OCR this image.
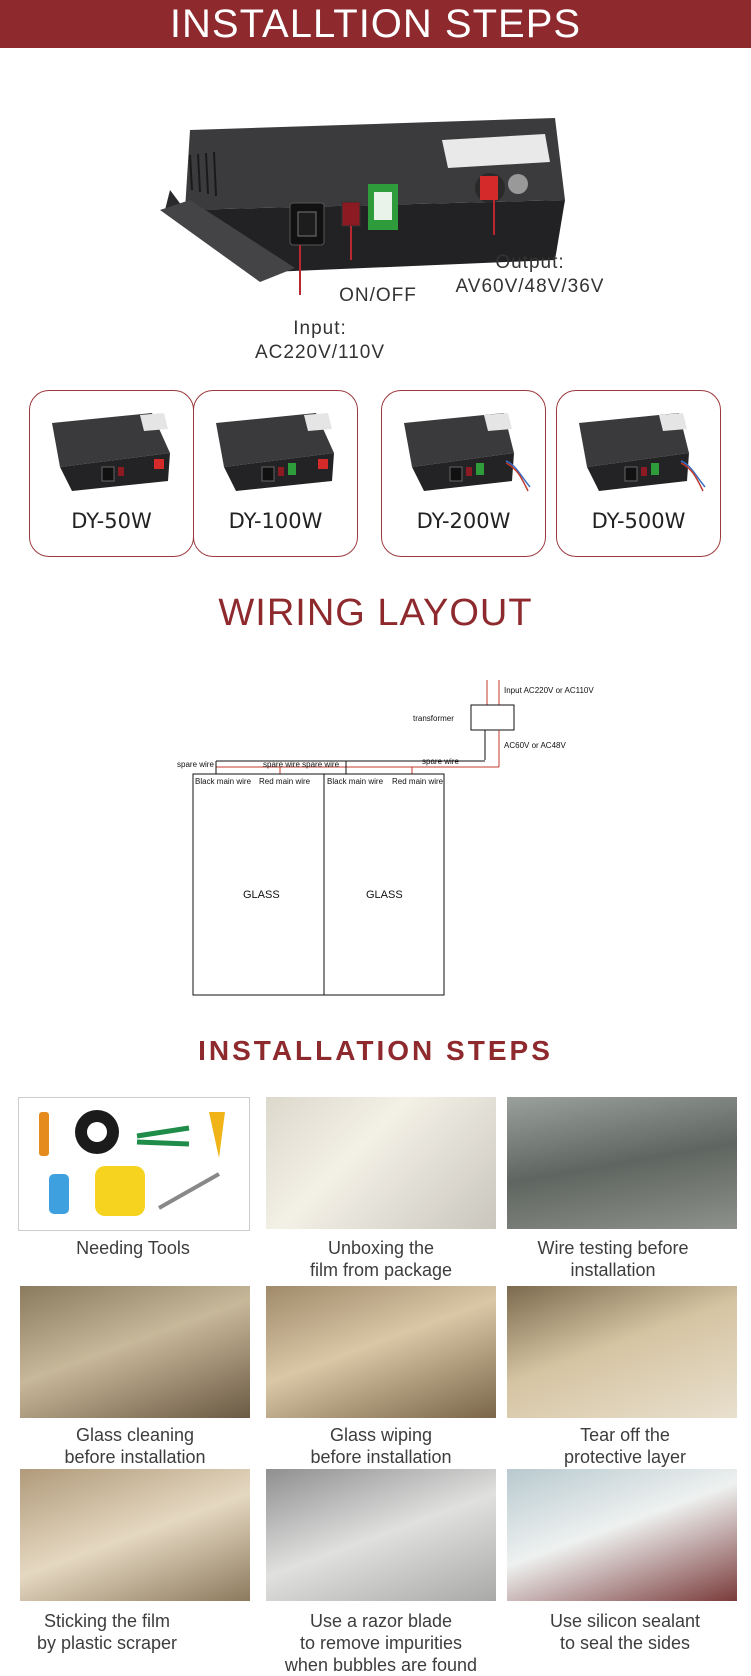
INSTALLTION STEPS
ON/OFF
Output:
AV60V/48V/36V
Input:
AC220V/110V
DY-50W	DY-100W	DY-200W	DY-500W
WIRING LAYOUT
Input AC220V or AC110V
transformer
AC60V or AC48V
spare wire	spare wire spare wire	spare wire
Black main wire Red main wire Black main wire Red main wire
GLASS	GLASS
INSTALLATION STEPS
Needing Tools	Unboxing the
film from package
Wire testing before
installation
Glass cleaning
before installation
Glass wiping
before installation
Tear off the
protective layer
Sticking the film
by plastic scraper
Use a razor blade
to remove impurities
when bubbles are found
Use silicon sealant
to seal the sides
